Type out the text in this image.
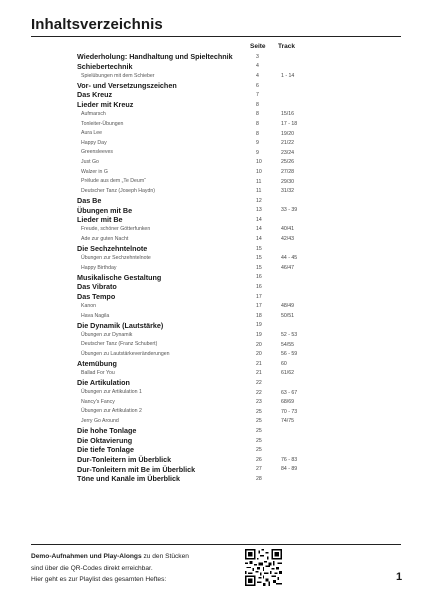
Inhaltsverzeichnis
Seite Track
Wiederholung: Handhaltung und Spieltechnik	3
Schiebertechnik	4
Spielübungen mit dem Schieber	4	1 - 14
Vor- und Versetzungszeichen	6
Das Kreuz	7
Lieder mit Kreuz	8
Aufmarsch	8	15/16
Tonleiter-Übungen	8	17 - 18
Aura Lee	8	19/20
Happy Day	9	21/22
Greensleeves	9	23/24
Just Go	10	25/26
Walzer in G	10	27/28
Prélude aus dem „Te Deum“	11	29/30
Deutscher Tanz (Joseph Haydn)	11	31/32
Das Be	12
Übungen mit Be	13	33 - 39
Lieder mit Be	14
Freude, schöner Götterfunken	14	40/41
Ade zur guten Nacht	14	42/43
Die Sechzehntelnote	15
Übungen zur Sechzehntelnote	15	44 - 45
Happy Birthday	15	46/47
Musikalische Gestaltung	16
Das Vibrato	16
Das Tempo	17
Kanon	17	48/49
Hava Nagila	18	50/51
Die Dynamik (Lautstärke)	19
Übungen zur Dynamik	19	52 - 53
Deutscher Tanz (Franz Schubert)	20	54/55
Übungen zu Lautstärkeveränderungen	20	56 - 59
Atemübung	21	60
Ballad For You	21	61/62
Die Artikulation	22
Übungen zur Artikulation 1	22	63 - 67
Nancy's Fancy	23	68/69
Übungen zur Artikulation 2	25	70 - 73
Jerry Go Around	25	74/75
Die hohe Tonlage	25
Die Oktavierung	25
Die tiefe Tonlage	25
Dur-Tonleitern im Überblick	26	76 - 83
Dur-Tonleitern mit Be im Überblick	27	84 - 89
Töne und Kanäle im Überblick	28
Demo-Aufnahmen und Play-Alongs zu den Stücken
sind über die QR-Codes direkt erreichbar.
Hier geht es zur Playlist des gesamten Heftes:	1
